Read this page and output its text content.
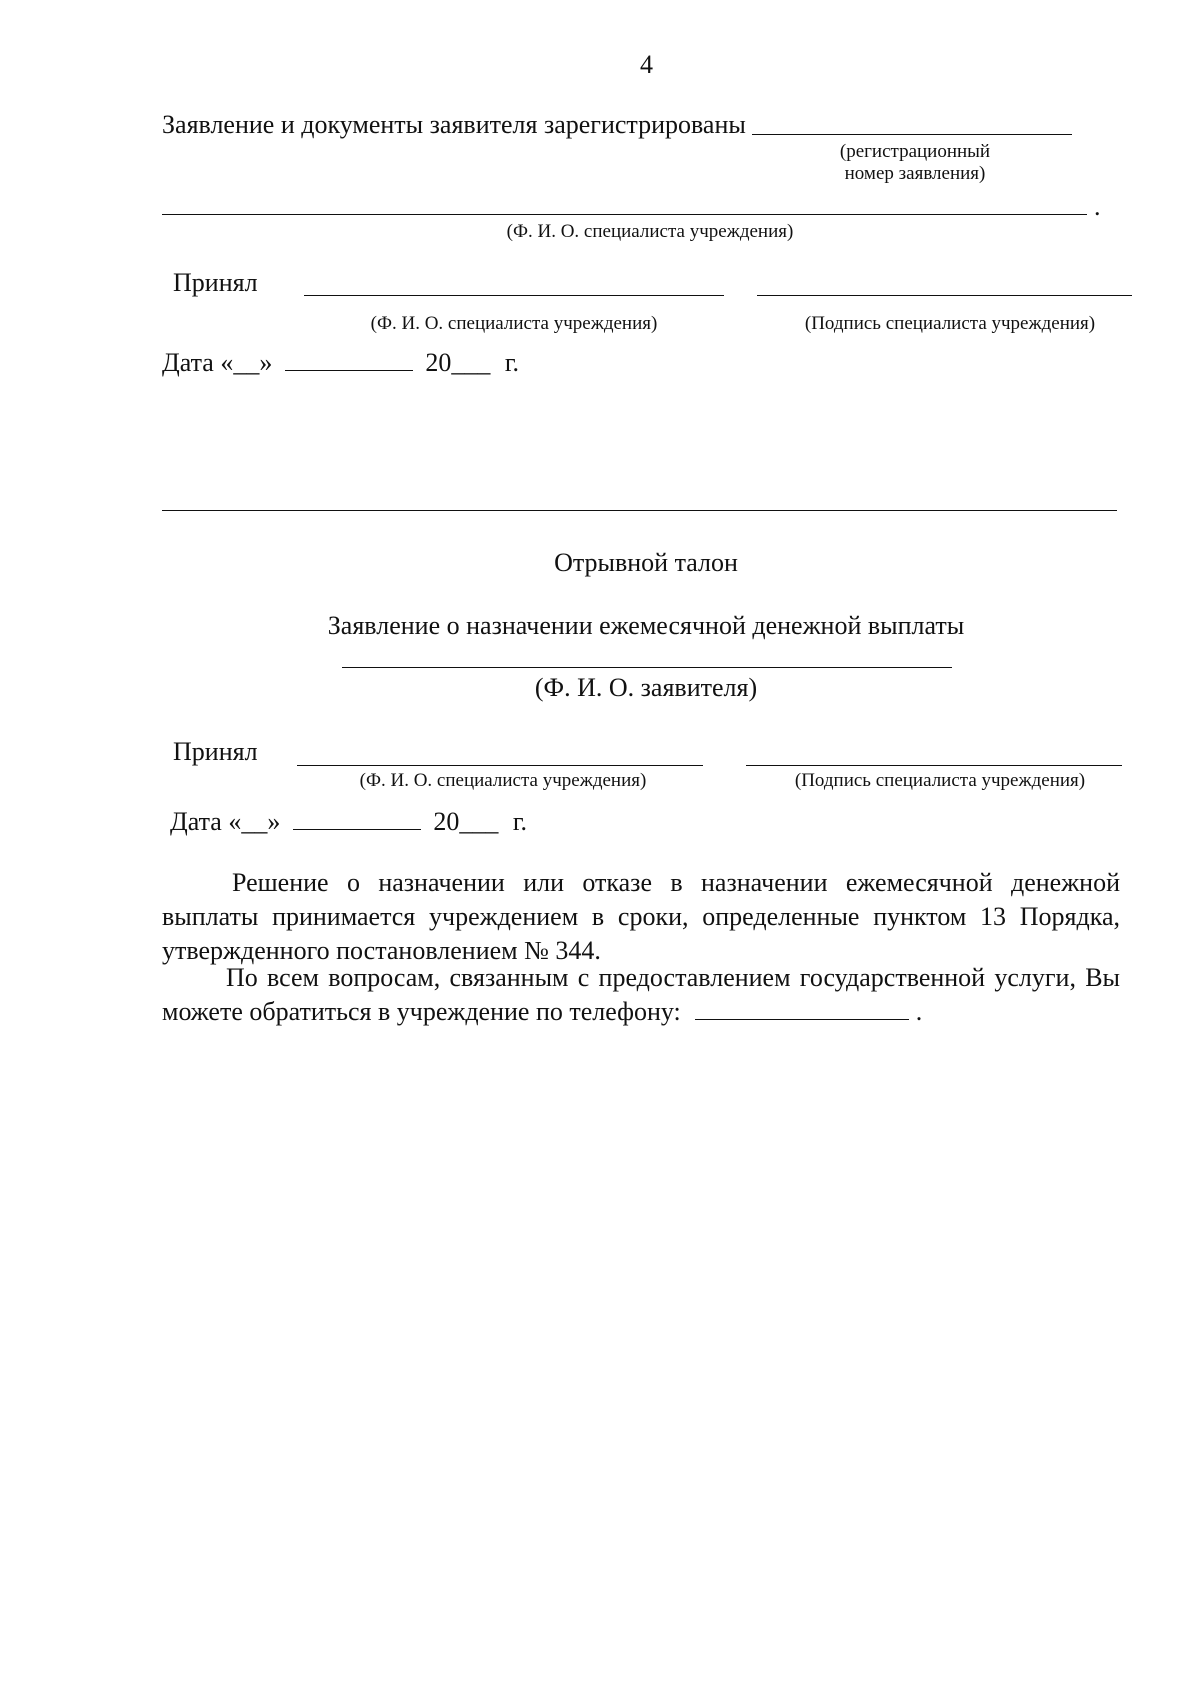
4
Заявление и документы заявителя зарегистрированы
(регистрационный
номер заявления)
.
(Ф. И. О. специалиста учреждения)
Принял
(Ф. И. О. специалиста учреждения)	(Подпись специалиста учреждения)
Дата «__»	20___ г.
Отрывной талон
Заявление о назначении ежемесячной денежной выплаты
(Ф. И. О. заявителя)
Принял
(Ф. И. О. специалиста учреждения)	(Подпись специалиста учреждения)
Дата «__»	20___ г.
Решение о назначении или отказе в назначении ежемесячной денежной выплаты принимается учреждением в сроки, определенные пунктом 13 Порядка, утвержденного постановлением № 344.
По всем вопросам, связанным с предоставлением государственной услуги, Вы можете обратиться в учреждение по телефону:	.
